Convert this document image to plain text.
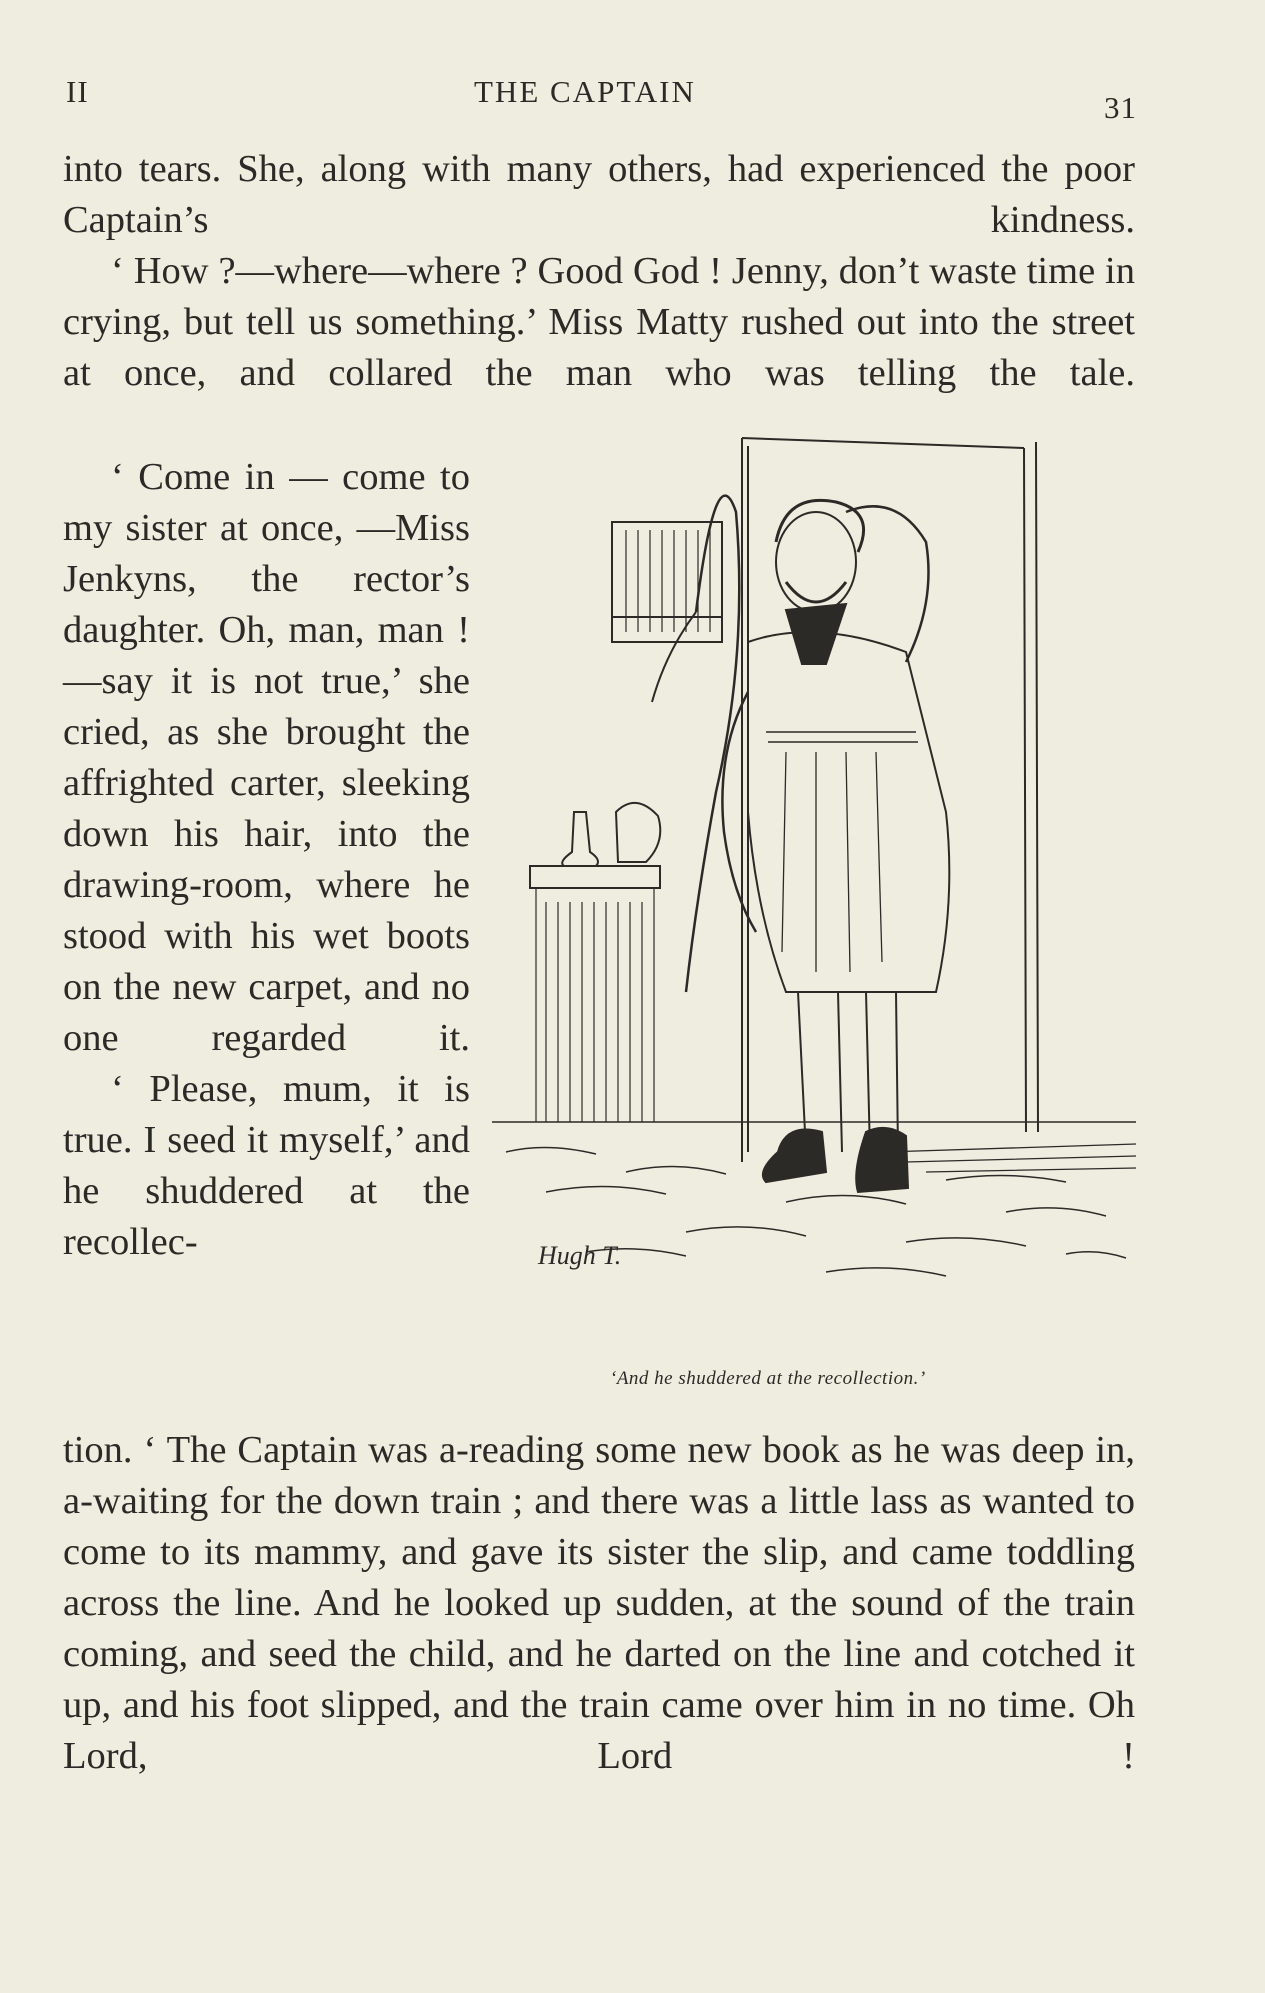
II	THE CAPTAIN	31

into tears. She, along with many others, had experienced the poor Captain’s kindness.

‘ How ?—where—where ? Good God ! Jenny, don’t waste time in crying, but tell us something.’ Miss Matty rushed out into the street at once, and collared the man who was telling the tale.

‘ Come in — come to my sister at once, —Miss Jenkyns, the rector’s daughter. Oh, man, man !—say it is not true,’ she cried, as she brought the affrighted carter, sleeking down his hair, into the drawing-room, where he stood with his wet boots on the new carpet, and no one regarded it.

‘ Please, mum, it is true. I seed it myself,’ and he shuddered at the recollec-	Hugh T.
‘And he shuddered at the recollection.’

tion. ‘ The Captain was a-reading some new book as he was deep in, a-waiting for the down train ; and there was a little lass as wanted to come to its mammy, and gave its sister the slip, and came toddling across the line. And he looked up sudden, at the sound of the train coming, and seed the child, and he darted on the line and cotched it up, and his foot slipped, and the train came over him in no time. Oh Lord, Lord !
